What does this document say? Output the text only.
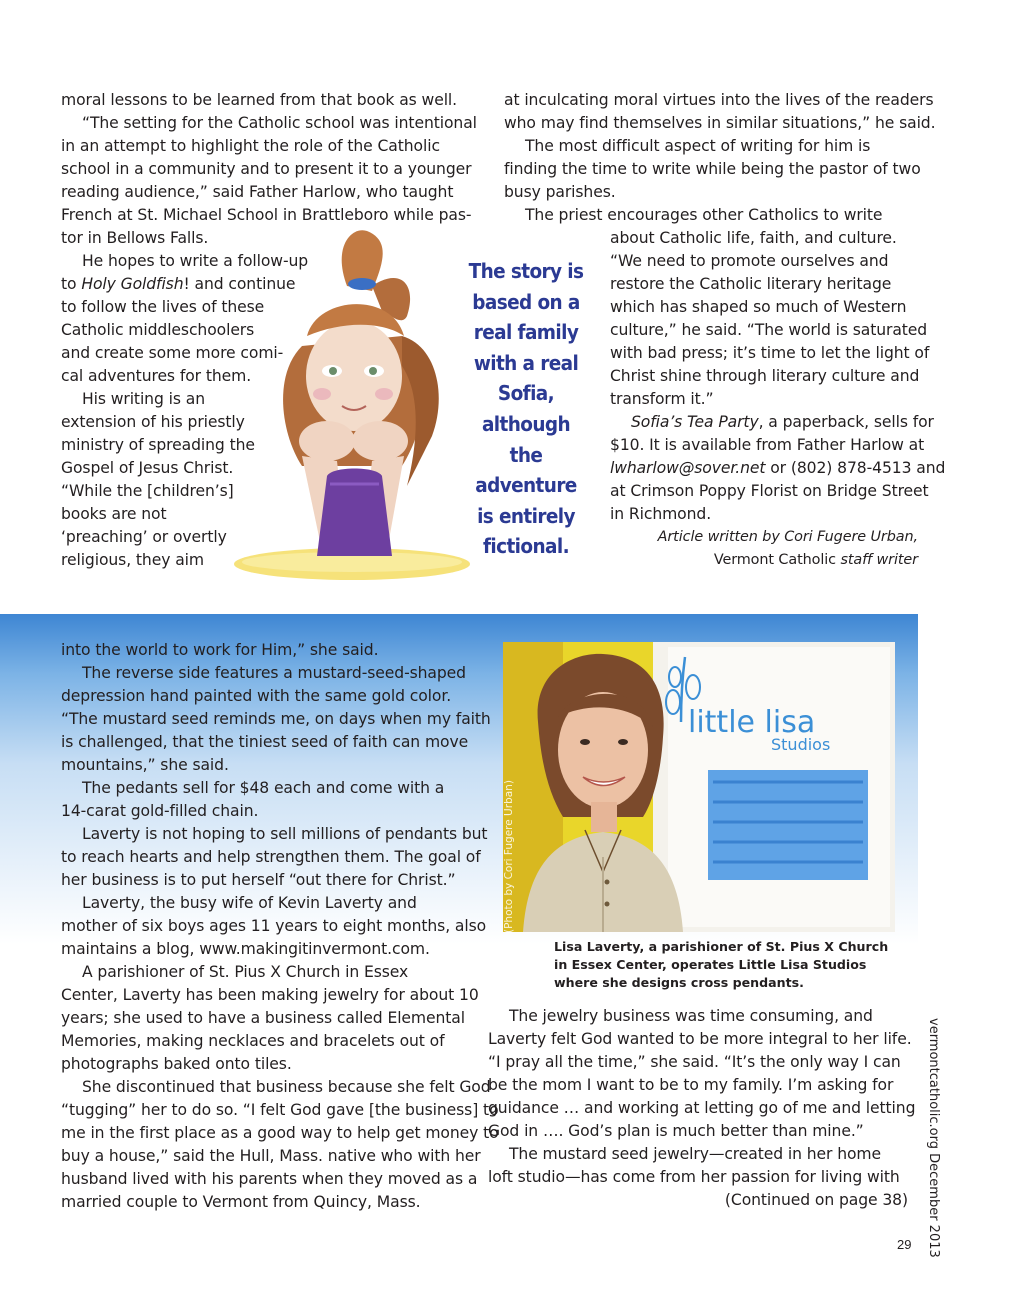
moral lessons to be learned from that book as well.
“The setting for the Catholic school was intentional
in an attempt to highlight the role of the Catholic
school in a community and to present it to a younger
reading audience,” said Father Harlow, who taught
French at St. Michael School in Brattleboro while pas-
tor in Bellows Falls.
He hopes to write a follow-up
to Holy Goldfish! and continue
to follow the lives of these
Catholic middleschoolers
and create some more comi-
cal adventures for them.
His writing is an
extension of his priestly
ministry of spreading the
Gospel of Jesus Christ.
“While the [children’s]
books are not
‘preaching’ or overtly
religious, they aim
The story is based on a real family with a real Sofia, although the adventure is entirely fictional.
at inculcating moral virtues into the lives of the readers
who may find themselves in similar situations,” he said.
The most difficult aspect of writing for him is
finding the time to write while being the pastor of two
busy parishes.
The priest encourages other Catholics to write
about Catholic life, faith, and culture.
“We need to promote ourselves and
restore the Catholic literary heritage
which has shaped so much of Western
culture,” he said. “The world is saturated
with bad press; it’s time to let the light of
Christ shine through literary culture and
transform it.”
Sofia’s Tea Party, a paperback, sells for
$10. It is available from Father Harlow at
lwharlow@sover.net or (802) 878-4513 and
at Crimson Poppy Florist on Bridge Street
in Richmond.
Article written by Cori Fugere Urban,
Vermont Catholic staff writer
into the world to work for Him,” she said.
The reverse side features a mustard-seed-shaped
depression hand painted with the same gold color.
“The mustard seed reminds me, on days when my faith
is challenged, that the tiniest seed of faith can move
mountains,” she said.
The pedants sell for $48 each and come with a
14-carat gold-filled chain.
Laverty is not hoping to sell millions of pendants but
to reach hearts and help strengthen them. The goal of
her business is to put herself “out there for Christ.”
Laverty, the busy wife of Kevin Laverty and
mother of six boys ages 11 years to eight months, also
maintains a blog, www.makingitinvermont.com.
A parishioner of St. Pius X Church in Essex
Center, Laverty has been making jewelry for about 10
years; she used to have a business called Elemental
Memories, making necklaces and bracelets out of
photographs baked onto tiles.
She discontinued that business because she felt God
“tugging” her to do so. “I felt God gave [the business] to
me in the first place as a good way to help get money to
buy a house,” said the Hull, Mass. native who with her
husband lived with his parents when they moved as a
married couple to Vermont from Quincy, Mass.
little lisa
Studios
(Photo by Cori Fugere Urban)
Lisa Laverty, a parishioner of St. Pius X Church in Essex Center, operates Little Lisa Studios where she designs cross pendants.
The jewelry business was time consuming, and
Laverty felt God wanted to be more integral to her life.
“I pray all the time,” she said. “It’s the only way I can
be the mom I want to be to my family. I’m asking for
guidance … and working at letting go of me and letting
God in …. God’s plan is much better than mine.”
The mustard seed jewelry—created in her home
loft studio—has come from her passion for living with
(Continued on page 38) vermontcatholic.org December 2013
29
